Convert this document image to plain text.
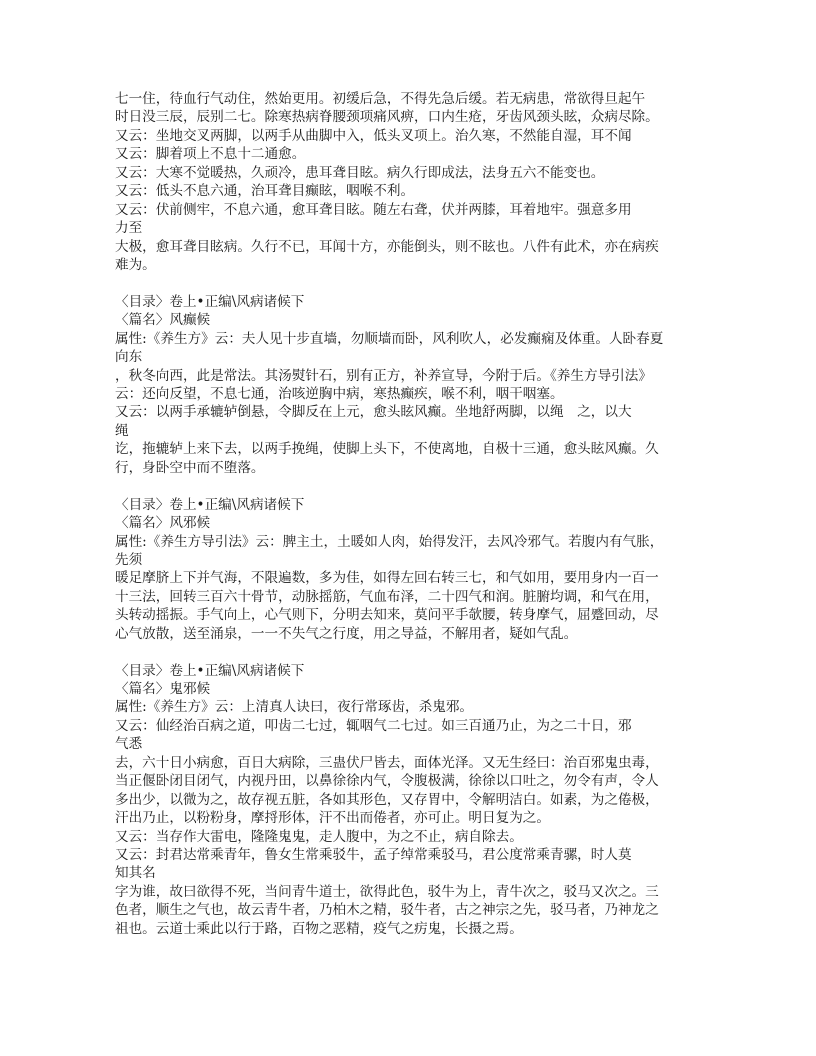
七一住，待血行气动住，然始更用。初缓后急，不得先急后缓。若无病患，常欲得旦起午
时日没三辰，辰别二七。除寒热病脊腰颈项痛风痹，口内生疮，牙齿风颈头眩，众病尽除。
又云：坐地交叉两脚，以两手从曲脚中入，低头叉项上。治久寒，不然能自湿，耳不闻
又云：脚着项上不息十二通愈。
又云：大寒不觉暖热，久顽冷，患耳聋目眩。病久行即成法，法身五六不能变也。
又云：低头不息六通，治耳聋目癫眩，咽喉不利。
又云：伏前侧牢，不息六通，愈耳聋目眩。随左右聋，伏并两膝，耳着地牢。强意多用
力至
大极，愈耳聋目眩病。久行不已，耳闻十方，亦能倒头，则不眩也。八件有此术，亦在病疾
难为。

〈目录〉卷上•正编\风病诸候下
〈篇名〉风癫候
属性:《养生方》云：夫人见十步直墙，勿顺墙而卧，风利吹人，必发癫痫及体重。人卧春夏
向东
，秋冬向西，此是常法。其汤熨针石，别有正方，补养宣导，今附于后。《养生方导引法》
云：还向反望，不息七通，治咳逆胸中病，寒热癫疾，喉不利，咽干咽塞。
又云：以两手承辘轳倒悬，令脚反在上元，愈头眩风癫。坐地舒两脚，以绳　之，以大
绳
讫，拖辘轳上来下去，以两手挽绳，使脚上头下，不使离地，自极十三通，愈头眩风癫。久
行，身卧空中而不堕落。

〈目录〉卷上•正编\风病诸候下
〈篇名〉风邪候
属性:《养生方导引法》云：脾主土，土暖如人肉，始得发汗，去风冷邪气。若腹内有气胀，
先须
暖足摩脐上下并气海，不限遍数，多为佳，如得左回右转三七，和气如用，要用身内一百一
十三法，回转三百六十骨节，动脉摇筋，气血布泽，二十四气和润。脏腑均调，和气在用，
头转动摇振。手气向上，心气则下，分明去知来，莫问平手欹腰，转身摩气，屈蹙回动，尽
心气放散，送至涌泉，一一不失气之行度，用之导益，不解用者，疑如气乱。

〈目录〉卷上•正编\风病诸候下
〈篇名〉鬼邪候
属性:《养生方》云：上清真人诀曰，夜行常琢齿，杀鬼邪。
又云：仙经治百病之道，叩齿二七过，辄咽气二七过。如三百通乃止，为之二十日，邪
气悉
去，六十日小病愈，百日大病除，三蛊伏尸皆去，面体光泽。又无生经曰：治百邪鬼虫毒，
当正偃卧闭目闭气，内视丹田，以鼻徐徐内气，令腹极满，徐徐以口吐之，勿令有声，令人
多出少，以微为之，故存视五脏，各如其形色，又存胃中，令解明洁白。如素，为之倦极，
汗出乃止，以粉粉身，摩捋形体，汗不出而倦者，亦可止。明日复为之。
又云：当存作大雷电，隆隆鬼鬼，走人腹中，为之不止，病自除去。
又云：封君达常乘青年，鲁女生常乘驳牛，孟子绰常乘驳马，君公度常乘青骡，时人莫
知其名
字为谁，故曰欲得不死，当问青牛道士，欲得此色，驳牛为上，青牛次之，驳马又次之。三
色者，顺生之气也，故云青牛者，乃柏木之精，驳牛者，古之神宗之先，驳马者，乃神龙之
祖也。云道士乘此以行于路，百物之恶精，疫气之疠鬼，长摄之焉。
